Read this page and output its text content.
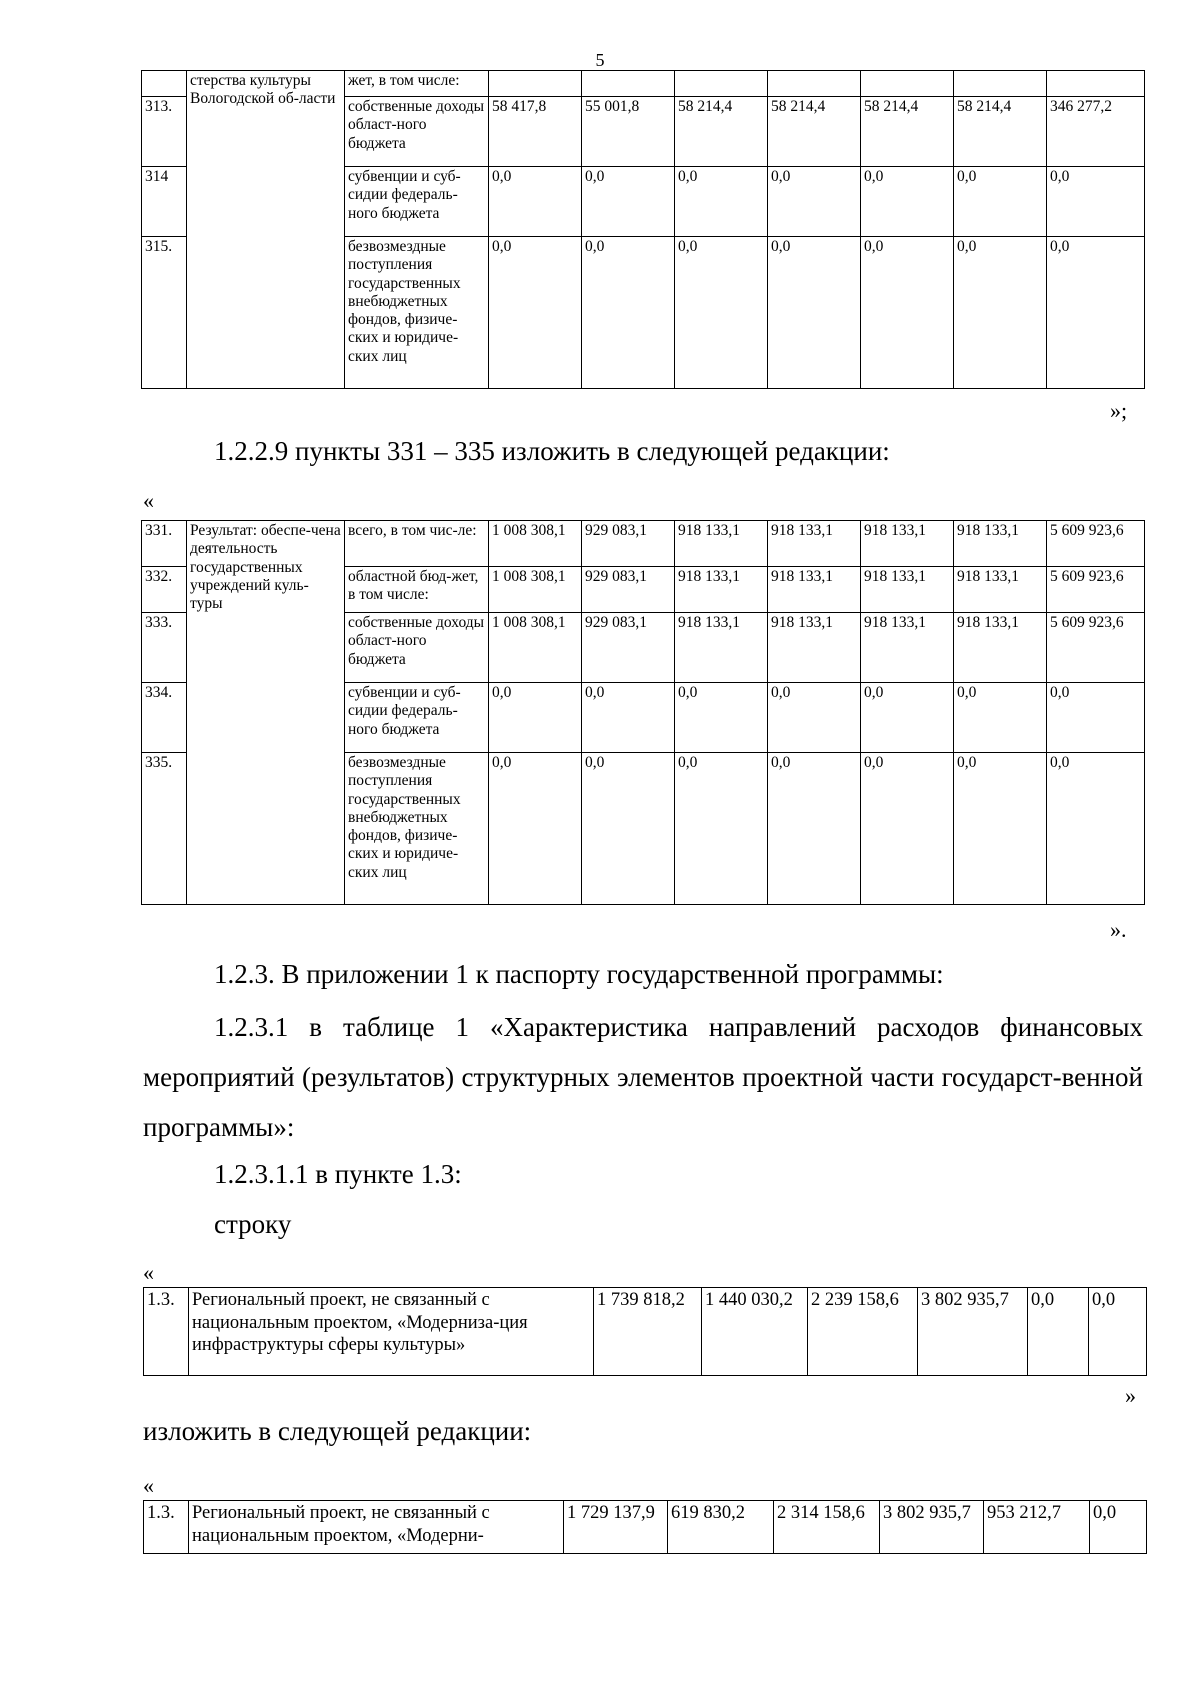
5
	стерства культуры Вологодской об-ласти	жет, в том числе:							
313.		собственные доходы област-ного бюджета	58 417,8	55 001,8	58 214,4	58 214,4	58 214,4	58 214,4	346 277,2
314		субвенции и суб-сидии федераль-ного бюджета	0,0	0,0	0,0	0,0	0,0	0,0	0,0
315.		безвозмездные поступления государственных внебюджетных фондов, физиче-ских и юридиче-ских лиц	0,0	0,0	0,0	0,0	0,0	0,0	0,0
»;
1.2.2.9 пункты 331 – 335 изложить в следующей редакции:
«
331.	Результат: обеспе-чена деятельность государственных учреждений куль-туры	всего, в том чис-ле:	1 008 308,1	929 083,1	918 133,1	918 133,1	918 133,1	918 133,1	5 609 923,6
332.		областной бюд-жет, в том числе:	1 008 308,1	929 083,1	918 133,1	918 133,1	918 133,1	918 133,1	5 609 923,6
333.		собственные доходы област-ного бюджета	1 008 308,1	929 083,1	918 133,1	918 133,1	918 133,1	918 133,1	5 609 923,6
334.		субвенции и суб-сидии федераль-ного бюджета	0,0	0,0	0,0	0,0	0,0	0,0	0,0
335.		безвозмездные поступления государственных внебюджетных фондов, физиче-ских и юридиче-ских лиц	0,0	0,0	0,0	0,0	0,0	0,0	0,0
».
1.2.3. В приложении 1 к паспорту государственной программы:
1.2.3.1 в таблице 1 «Характеристика направлений расходов финансовых мероприятий (результатов) структурных элементов проектной части государст-венной программы»:
1.2.3.1.1 в пункте 1.3:
строку
«
1.3.	Региональный проект, не связанный с национальным проектом, «Модерниза-ция инфраструктуры сферы культуры»	1 739 818,2	1 440 030,2	2 239 158,6	3 802 935,7	0,0	0,0
»
изложить в следующей редакции:
«
1.3.	Региональный проект, не связанный с национальным проектом, «Модерни-	1 729 137,9	619 830,2	2 314 158,6	3 802 935,7	953 212,7	0,0
